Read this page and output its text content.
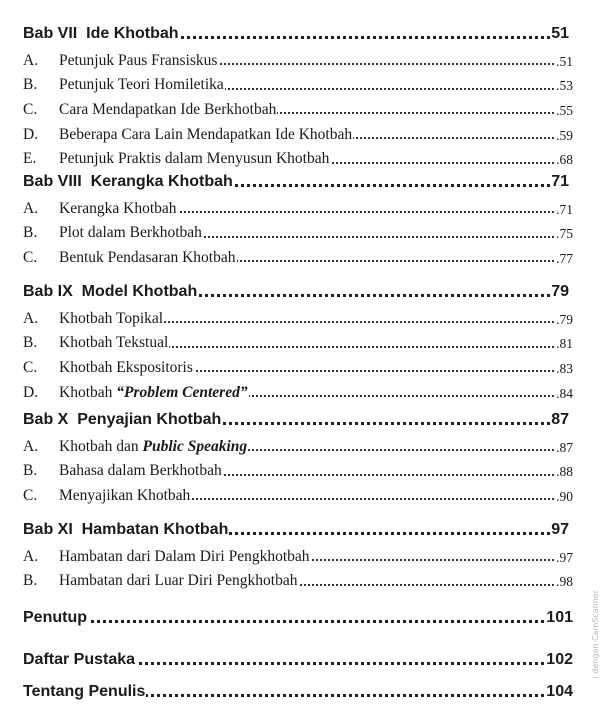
Bab VII  Ide Khotbah	51
A. Petunjuk Paus Fransiskus	.51
B. Petunjuk Teori Homiletika	.53
C. Cara Mendapatkan Ide Berkhotbah	.55
D. Beberapa Cara Lain Mendapatkan Ide Khotbah	.59
E. Petunjuk Praktis dalam Menyusun Khotbah	.68
Bab VIII  Kerangka Khotbah	71
A. Kerangka Khotbah	.71
B. Plot dalam Berkhotbah	.75
C. Bentuk Pendasaran Khotbah	.77
Bab IX  Model Khotbah	79
A. Khotbah Topikal	.79
B. Khotbah Tekstual	.81
C. Khotbah Ekspositoris	.83
D. Khotbah “Problem Centered”	.84
Bab X  Penyajian Khotbah	87
A. Khotbah dan Public Speaking	.87
B. Bahasa dalam Berkhotbah	.88
C. Menyajikan Khotbah	.90
Bab XI  Hambatan Khotbah	97
A. Hambatan dari Dalam Diri Pengkhotbah	.97
B. Hambatan dari Luar Diri Pengkhotbah	.98
Penutup	101
Daftar Pustaka	102
Tentang Penulis	104
i dengan CamScanner
